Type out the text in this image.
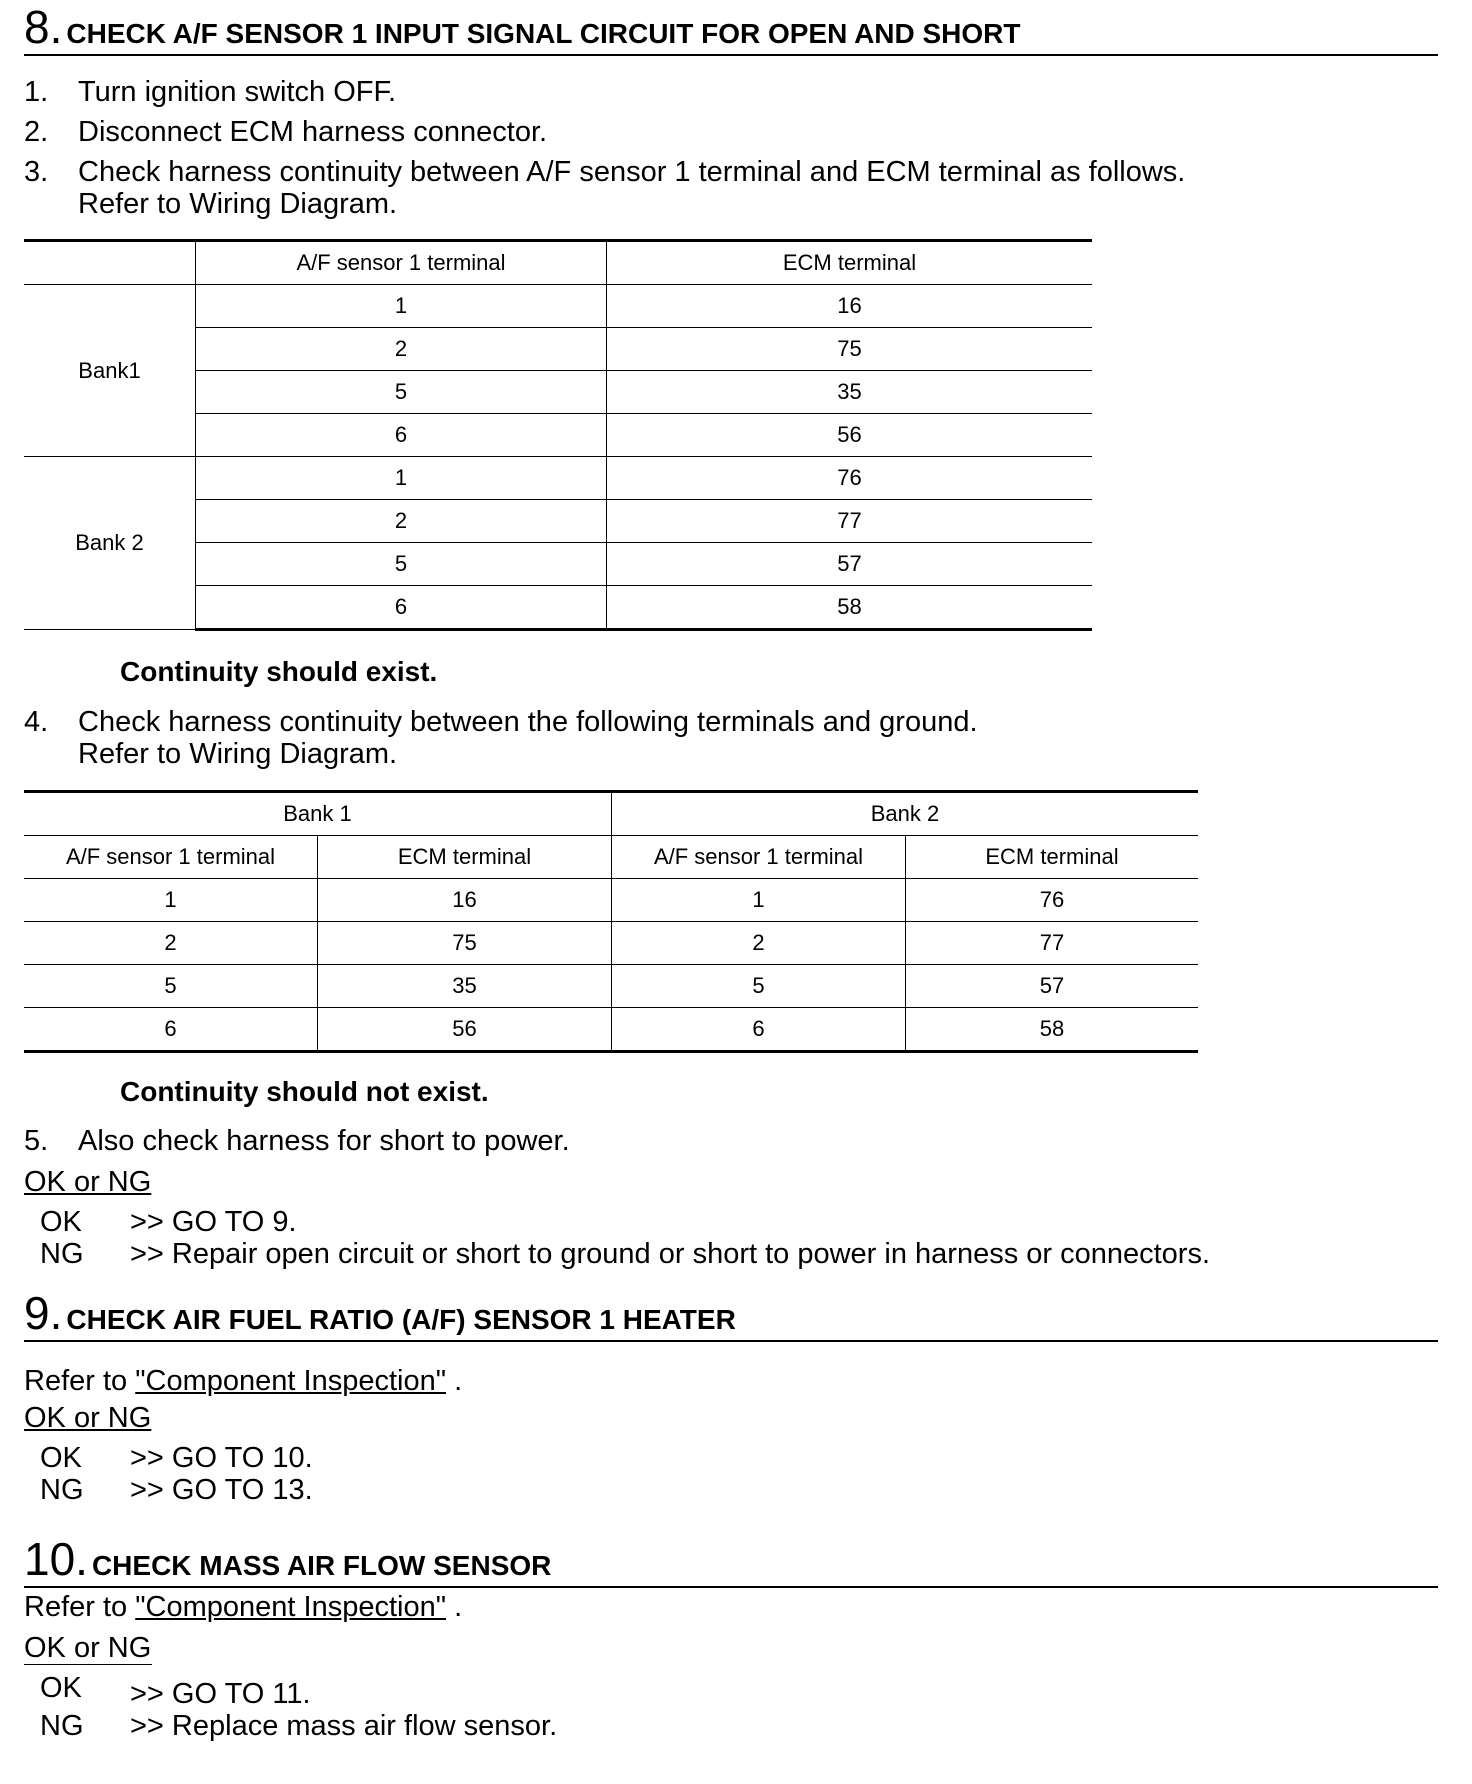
8. CHECK A/F SENSOR 1 INPUT SIGNAL CIRCUIT FOR OPEN AND SHORT
1.	Turn ignition switch OFF.
2.	Disconnect ECM harness connector.
3.	Check harness continuity between A/F sensor 1 terminal and ECM terminal as follows.
Refer to Wiring Diagram.
	A/F sensor 1 terminal	ECM terminal
Bank1	1	16
	2	75
	5	35
	6	56
Bank 2	1	76
	2	77
	5	57
	6	58
Continuity should exist.
4.	Check harness continuity between the following terminals and ground.
Refer to Wiring Diagram.
Bank 1		Bank 2	
A/F sensor 1 terminal	ECM terminal	A/F sensor 1 terminal	ECM terminal
1	16	1	76
2	75	2	77
5	35	5	57
6	56	6	58
Continuity should not exist.
5.	Also check harness for short to power.
OK or NG
OK	>> GO TO 9.
NG	>> Repair open circuit or short to ground or short to power in harness or connectors.
9. CHECK AIR FUEL RATIO (A/F) SENSOR 1 HEATER
Refer to "Component Inspection" .
OK or NG
OK	>> GO TO 10.
NG	>> GO TO 13.
10. CHECK MASS AIR FLOW SENSOR
Refer to "Component Inspection" .
OK or NG
OK	>> GO TO 11.
NG	>> Replace mass air flow sensor.
